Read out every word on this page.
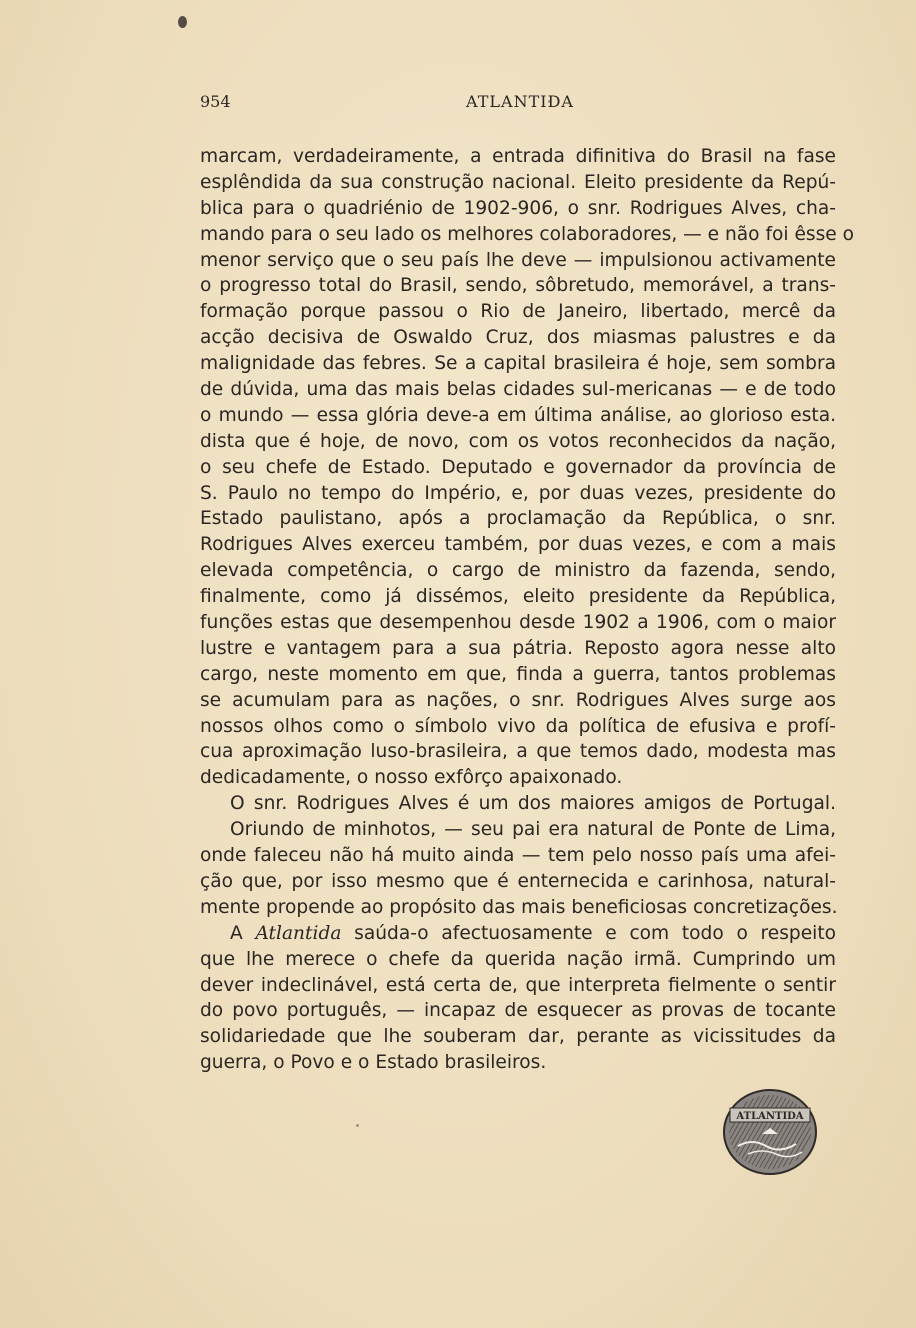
954	ATLANTIDA
marcam, verdadeiramente, a entrada difinitiva do Brasil na fase
esplêndida da sua construção nacional. Eleito presidente da Repú-
blica para o quadriénio de 1902-906, o snr. Rodrigues Alves, cha-
mando para o seu lado os melhores colaboradores, — e não foi êsse o
menor serviço que o seu país lhe deve — impulsionou activamente
o progresso total do Brasil, sendo, sôbretudo, memorável, a trans-
formação porque passou o Rio de Janeiro, libertado, mercê da
acção decisiva de Oswaldo Cruz, dos miasmas palustres e da
malignidade das febres. Se a capital brasileira é hoje, sem sombra
de dúvida, uma das mais belas cidades sul-mericanas — e de todo
o mundo — essa glória deve-a em última análise, ao glorioso esta.
dista que é hoje, de novo, com os votos reconhecidos da nação,
o seu chefe de Estado. Deputado e governador da província de
S. Paulo no tempo do Império, e, por duas vezes, presidente do
Estado paulistano, após a proclamação da República, o snr.
Rodrigues Alves exerceu também, por duas vezes, e com a mais
elevada competência, o cargo de ministro da fazenda, sendo,
finalmente, como já dissémos, eleito presidente da República,
funções estas que desempenhou desde 1902 a 1906, com o maior
lustre e vantagem para a sua pátria. Reposto agora nesse alto
cargo, neste momento em que, finda a guerra, tantos problemas
se acumulam para as nações, o snr. Rodrigues Alves surge aos
nossos olhos como o símbolo vivo da política de efusiva e profí-
cua aproximação luso-brasileira, a que temos dado, modesta mas
dedicadamente, o nosso exfôrço apaixonado.
O snr. Rodrigues Alves é um dos maiores amigos de Portugal.
Oriundo de minhotos, — seu pai era natural de Ponte de Lima,
onde faleceu não há muito ainda — tem pelo nosso país uma afei-
ção que, por isso mesmo que é enternecida e carinhosa, natural-
mente propende ao propósito das mais beneficiosas concretizações.
A Atlantida saúda-o afectuosamente e com todo o respeito
que lhe merece o chefe da querida nação irmã. Cumprindo um
dever indeclinável, está certa de, que interpreta fielmente o sentir
do povo português, — incapaz de esquecer as provas de tocante
solidariedade que lhe souberam dar, perante as vicissitudes da
guerra, o Povo e o Estado brasileiros.
ATLANTIDA
